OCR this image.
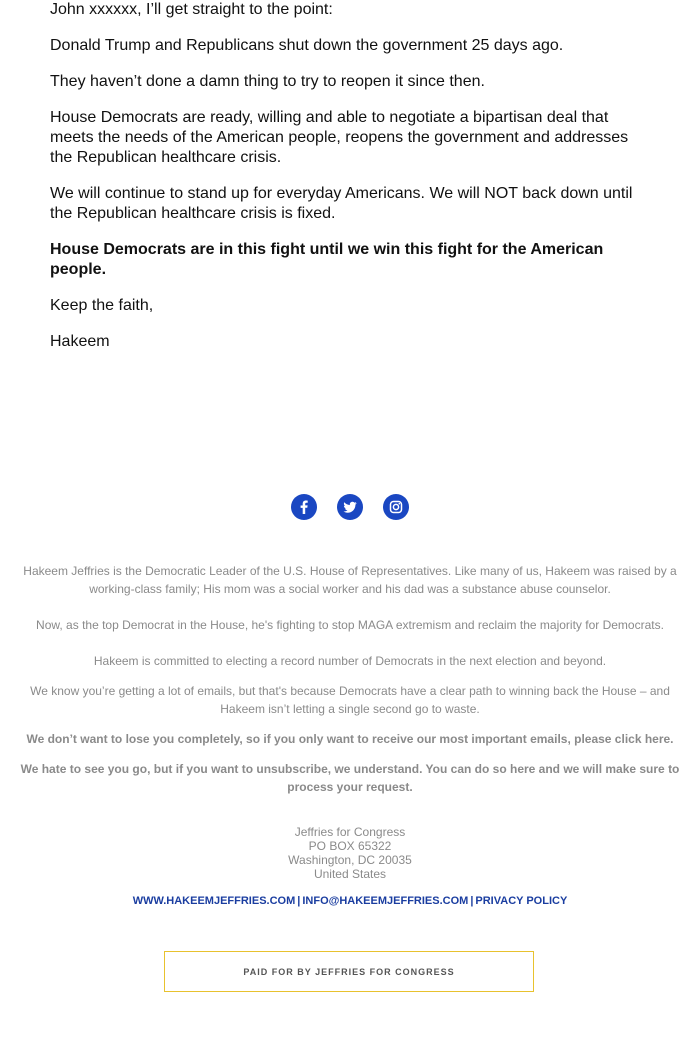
John xxxxxx, I’ll get straight to the point:

Donald Trump and Republicans shut down the government 25 days ago.

They haven’t done a damn thing to try to reopen it since then.

House Democrats are ready, willing and able to negotiate a bipartisan deal that meets the needs of the American people, reopens the government and addresses the Republican healthcare crisis.

We will continue to stand up for everyday Americans. We will NOT back down until the Republican healthcare crisis is fixed.

House Democrats are in this fight until we win this fight for the American people.

Keep the faith,

Hakeem

Hakeem Jeffries is the Democratic Leader of the U.S. House of Representatives. Like many of us, Hakeem was raised by a working-class family; His mom was a social worker and his dad was a substance abuse counselor.

Now, as the top Democrat in the House, he's fighting to stop MAGA extremism and reclaim the majority for Democrats.

Hakeem is committed to electing a record number of Democrats in the next election and beyond.

We know you’re getting a lot of emails, but that's because Democrats have a clear path to winning back the House – and Hakeem isn’t letting a single second go to waste.

We don’t want to lose you completely, so if you only want to receive our most important emails, please click here.

We hate to see you go, but if you want to unsubscribe, we understand. You can do so here and we will make sure to process your request.

Jeffries for Congress
PO BOX 65322
Washington, DC 20035
United States
WWW.HAKEEMJEFFRIES.COM | INFO@HAKEEMJEFFRIES.COM | PRIVACY POLICY
PAID FOR BY JEFFRIES FOR CONGRESS
